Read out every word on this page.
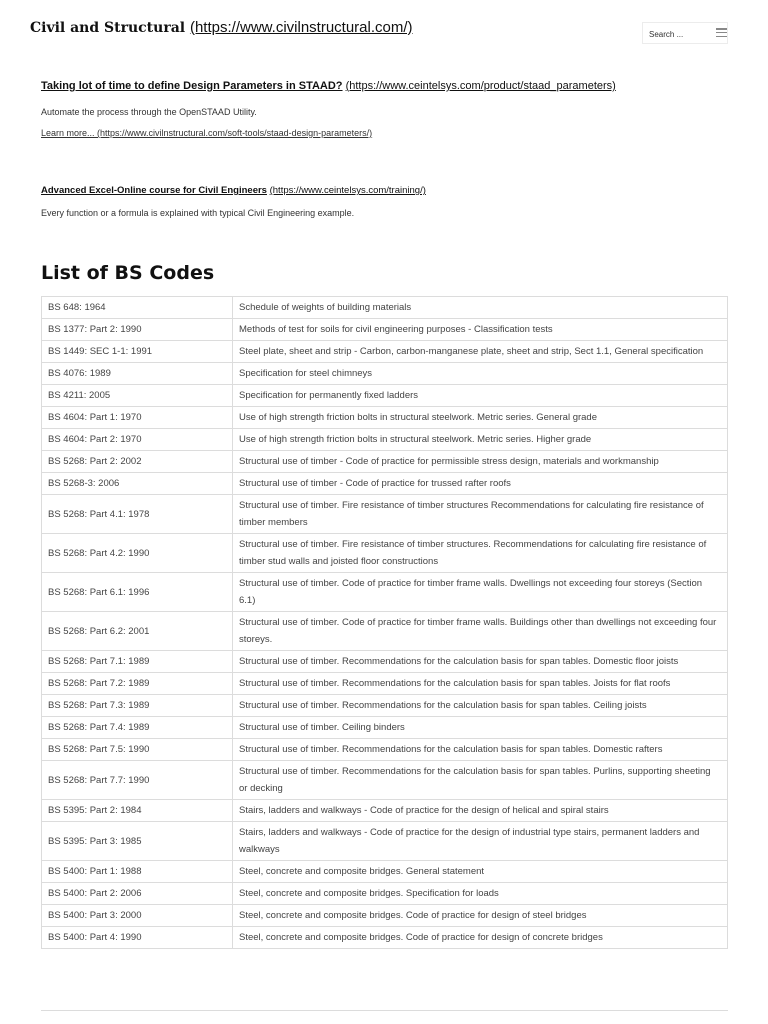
Civil and Structural (https://www.civilnstructural.com/)
Search ...
Taking lot of time to define Design Parameters in STAAD? (https://www.ceintelsys.com/product/staad_parameters)

Automate the process through the OpenSTAAD Utility.

Learn more... (https://www.civilnstructural.com/soft-tools/staad-design-parameters/)

Advanced Excel-Online course for Civil Engineers (https://www.ceintelsys.com/training/)

Every function or a formula is explained with typical Civil Engineering example.

List of BS Codes
BS 648: 1964	Schedule of weights of building materials
BS 1377: Part 2: 1990	Methods of test for soils for civil engineering purposes - Classification tests
BS 1449: SEC 1-1: 1991	Steel plate, sheet and strip - Carbon, carbon-manganese plate, sheet and strip, Sect 1.1, General specification
BS 4076: 1989	Specification for steel chimneys
BS 4211: 2005	Specification for permanently fixed ladders
BS 4604: Part 1: 1970	Use of high strength friction bolts in structural steelwork. Metric series. General grade
BS 4604: Part 2: 1970	Use of high strength friction bolts in structural steelwork. Metric series. Higher grade
BS 5268: Part 2: 2002	Structural use of timber - Code of practice for permissible stress design, materials and workmanship
BS 5268-3: 2006	Structural use of timber - Code of practice for trussed rafter roofs
BS 5268: Part 4.1: 1978	Structural use of timber. Fire resistance of timber structures Recommendations for calculating fire resistance of timber members
BS 5268: Part 4.2: 1990	Structural use of timber. Fire resistance of timber structures. Recommendations for calculating fire resistance of timber stud walls and joisted floor constructions
BS 5268: Part 6.1: 1996	Structural use of timber. Code of practice for timber frame walls. Dwellings not exceeding four storeys (Section 6.1)
BS 5268: Part 6.2: 2001	Structural use of timber. Code of practice for timber frame walls. Buildings other than dwellings not exceeding four storeys.
BS 5268: Part 7.1: 1989	Structural use of timber. Recommendations for the calculation basis for span tables. Domestic floor joists
BS 5268: Part 7.2: 1989	Structural use of timber. Recommendations for the calculation basis for span tables. Joists for flat roofs
BS 5268: Part 7.3: 1989	Structural use of timber. Recommendations for the calculation basis for span tables. Ceiling joists
BS 5268: Part 7.4: 1989	Structural use of timber. Ceiling binders
BS 5268: Part 7.5: 1990	Structural use of timber. Recommendations for the calculation basis for span tables. Domestic rafters
BS 5268: Part 7.7: 1990	Structural use of timber. Recommendations for the calculation basis for span tables. Purlins, supporting sheeting or decking
BS 5395: Part 2: 1984	Stairs, ladders and walkways - Code of practice for the design of helical and spiral stairs
BS 5395: Part 3: 1985	Stairs, ladders and walkways - Code of practice for the design of industrial type stairs, permanent ladders and walkways
BS 5400: Part 1: 1988	Steel, concrete and composite bridges. General statement
BS 5400: Part 2: 2006	Steel, concrete and composite bridges. Specification for loads
BS 5400: Part 3: 2000	Steel, concrete and composite bridges. Code of practice for design of steel bridges
BS 5400: Part 4: 1990	Steel, concrete and composite bridges. Code of practice for design of concrete bridges
